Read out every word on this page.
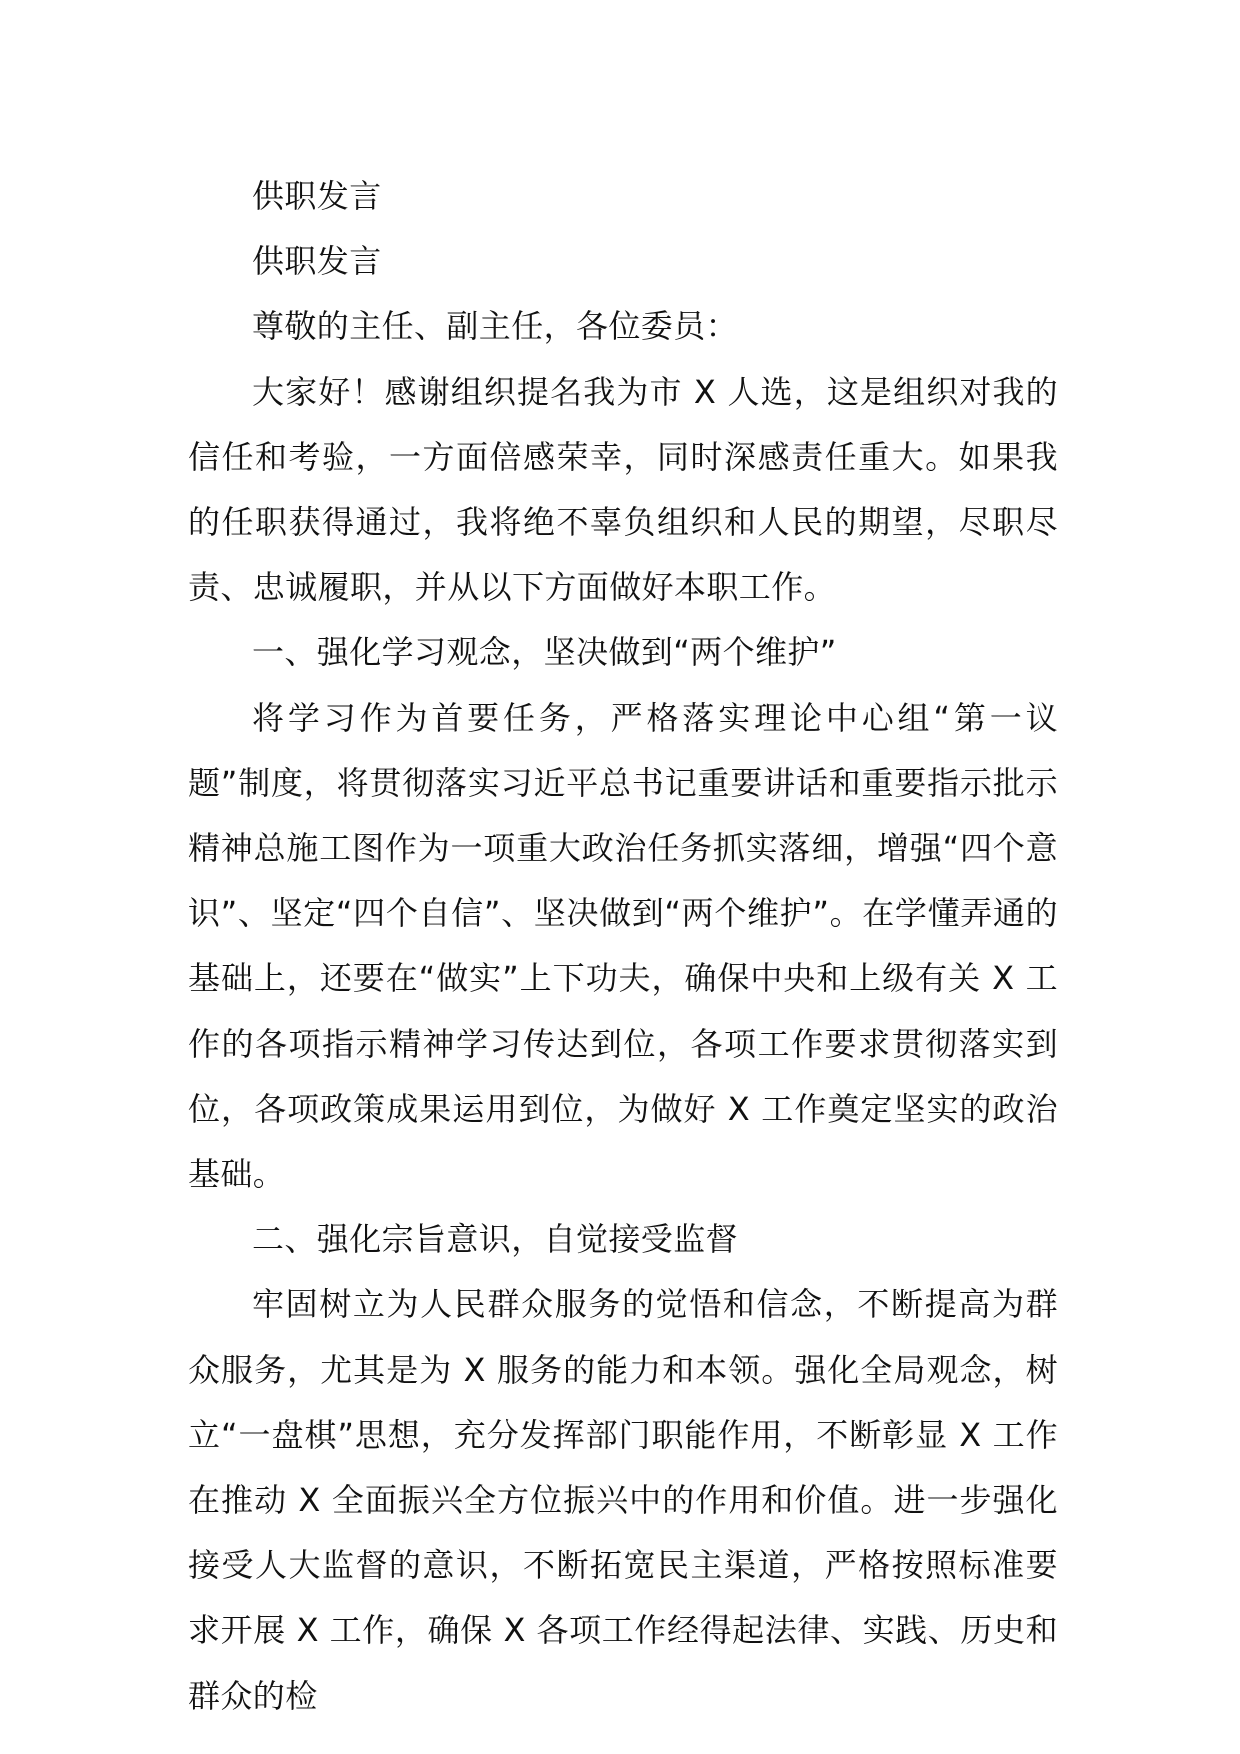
供职发言

供职发言

尊敬的主任、副主任，各位委员：

大家好！感谢组织提名我为市 X 人选，这是组织对我的信任和考验，一方面倍感荣幸，同时深感责任重大。如果我的任职获得通过，我将绝不辜负组织和人民的期望，尽职尽责、忠诚履职，并从以下方面做好本职工作。

一、强化学习观念，坚决做到“两个维护”

将学习作为首要任务，严格落实理论中心组“第一议题”制度，将贯彻落实习近平总书记重要讲话和重要指示批示精神总施工图作为一项重大政治任务抓实落细，增强“四个意识”、坚定“四个自信”、坚决做到“两个维护”。在学懂弄通的基础上，还要在“做实”上下功夫，确保中央和上级有关 X 工作的各项指示精神学习传达到位，各项工作要求贯彻落实到位，各项政策成果运用到位，为做好 X 工作奠定坚实的政治基础。

二、强化宗旨意识，自觉接受监督

牢固树立为人民群众服务的觉悟和信念，不断提高为群众服务，尤其是为 X 服务的能力和本领。强化全局观念，树立“一盘棋”思想，充分发挥部门职能作用，不断彰显 X 工作在推动 X 全面振兴全方位振兴中的作用和价值。进一步强化接受人大监督的意识，不断拓宽民主渠道，严格按照标准要求开展 X 工作，确保 X 各项工作经得起法律、实践、历史和群众的检
